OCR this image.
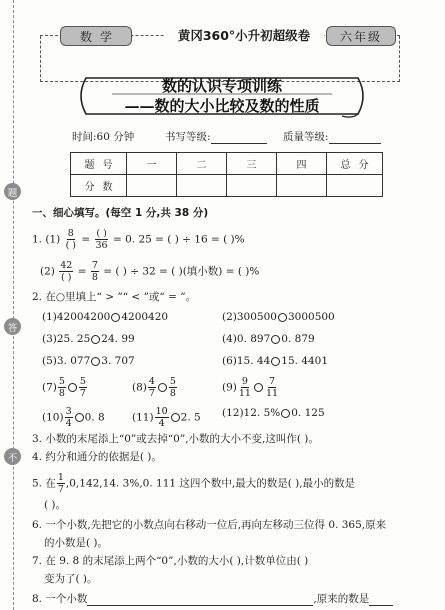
题
答
不
数学	黄冈360°小升初超级卷	六年级
数的认识专项训练
——数的大小比较及数的性质
时间:60 分钟	书写等级:	质量等级:
题号	一	二	三	四	总分
分数					
一、细心填写。(每空 1 分,共 38 分)
1. $(1) \frac{8}{( )} = \frac{( )}{36} = 0$. 25 = ( ) ÷ 16 = ( )%
$(2) \frac{42}{( )} = \frac{7}{8}$ = ( ) ÷ 32 = ( )(填小数) = ( )%
2. 在○里填上“ > ”“ < ”或“ = ”。
(1)42004200 4200420	(2)300500 3000500
(3)25. 25 24. 99	(4)0. 897 0. 879
(5)3. 077 3. 707	(6)15. 44 15. 4401
$(7) \frac{5}{8} \frac{5}{7}$	$(8) \frac{4}{7} \frac{5}{8}$	$(9) \frac{9}{11} \frac{7}{11}$
$(10) \frac{3}{4} 0$. 8	$(11) \frac{10}{4} 2$. 5 (12)12. 5% 0. 125
3. 小数的末尾添上“0”或去掉“0”,小数的大小不变,这叫作( )。
4. 约分和通分的依据是( )。
5. 在 $\frac{1}{7} ,0,142,14$. 3%,0. 111 这四个数中,最大的数是( ),最小的数是
( )。
6. 一个小数,先把它的小数点向右移动一位后,再向左移动三位得 0. 365,原来
的小数是( )。
7. 在 9. 8 的末尾添上两个“0”,小数的大小( ),计数单位由( )
变为了( )。
8. 一个小数	,原来的数是
